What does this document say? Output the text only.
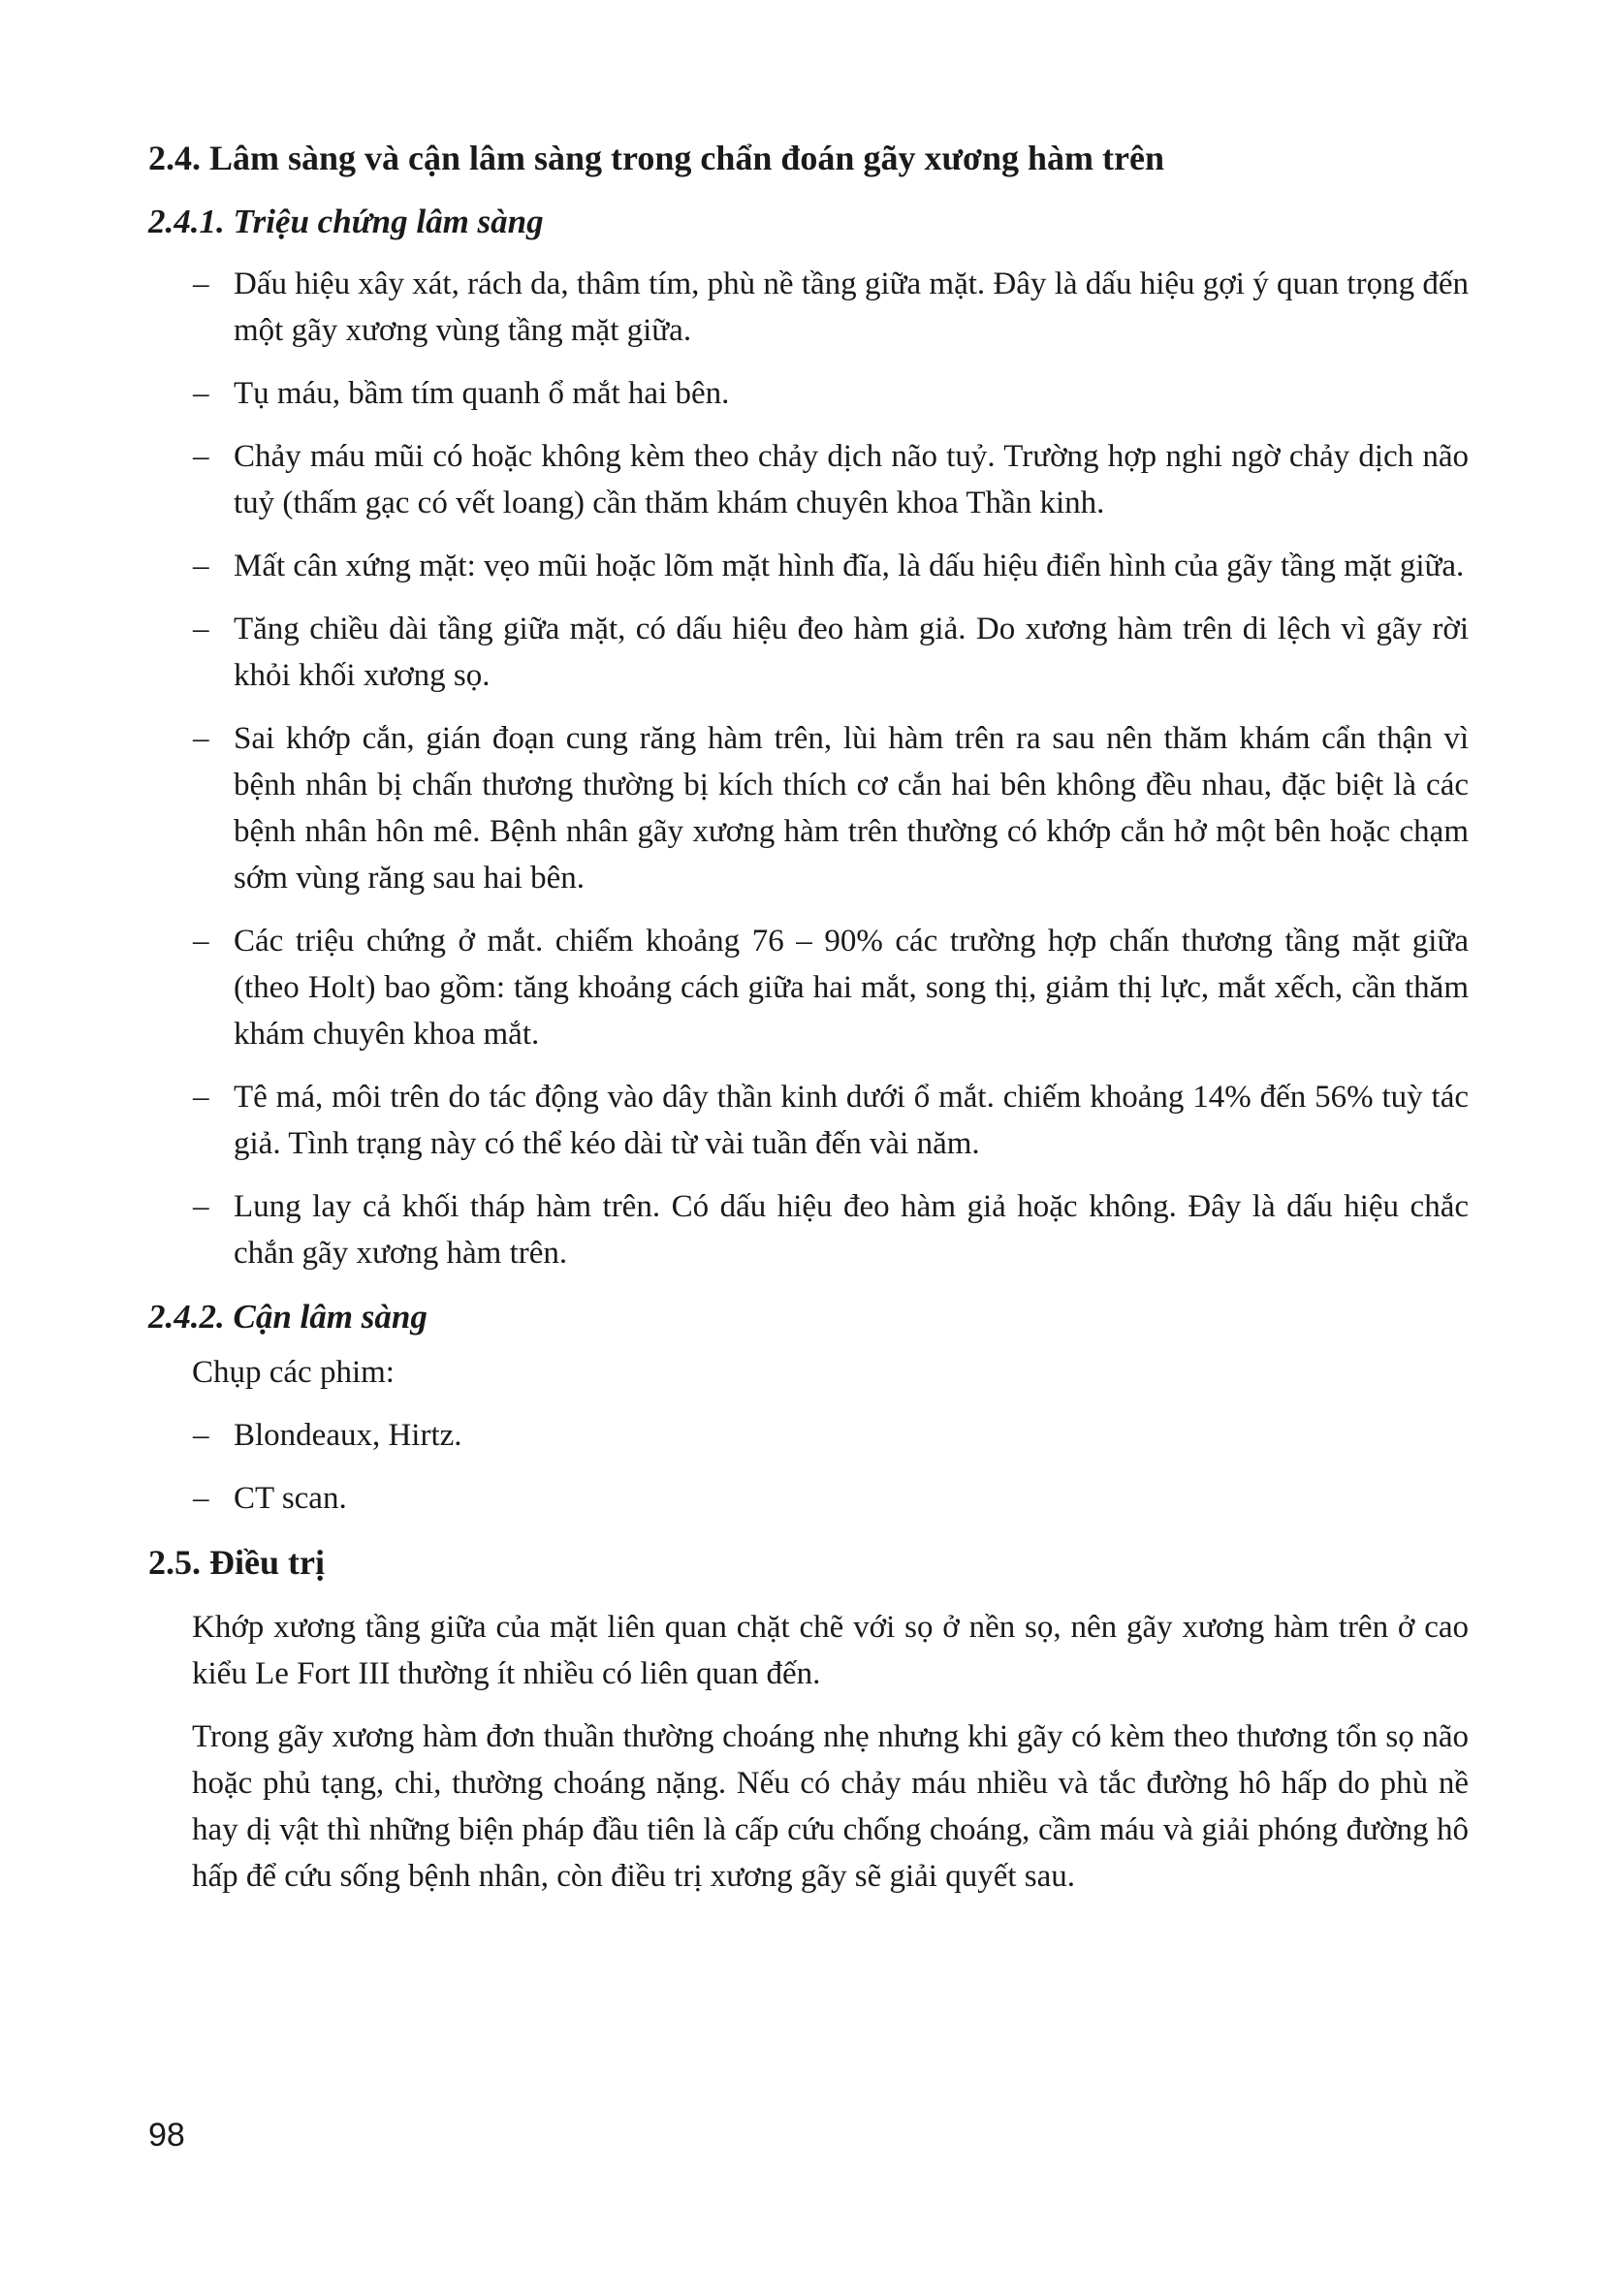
2.4. Lâm sàng và cận lâm sàng trong chẩn đoán gãy xương hàm trên
2.4.1. Triệu chứng lâm sàng
– Dấu hiệu xây xát, rách da, thâm tím, phù nề tầng giữa mặt. Đây là dấu hiệu gợi ý quan trọng đến một gãy xương vùng tầng mặt giữa.
– Tụ máu, bầm tím quanh ổ mắt hai bên.
– Chảy máu mũi có hoặc không kèm theo chảy dịch não tuỷ. Trường hợp nghi ngờ chảy dịch não tuỷ (thấm gạc có vết loang) cần thăm khám chuyên khoa Thần kinh.
– Mất cân xứng mặt: vẹo mũi hoặc lõm mặt hình đĩa, là dấu hiệu điển hình của gãy tầng mặt giữa.
– Tăng chiều dài tầng giữa mặt, có dấu hiệu đeo hàm giả. Do xương hàm trên di lệch vì gãy rời khỏi khối xương sọ.
– Sai khớp cắn, gián đoạn cung răng hàm trên, lùi hàm trên ra sau nên thăm khám cẩn thận vì bệnh nhân bị chấn thương thường bị kích thích cơ cắn hai bên không đều nhau, đặc biệt là các bệnh nhân hôn mê. Bệnh nhân gãy xương hàm trên thường có khớp cắn hở một bên hoặc chạm sớm vùng răng sau hai bên.
– Các triệu chứng ở mắt. chiếm khoảng 76 – 90% các trường hợp chấn thương tầng mặt giữa (theo Holt) bao gồm: tăng khoảng cách giữa hai mắt, song thị, giảm thị lực, mắt xếch, cần thăm khám chuyên khoa mắt.
– Tê má, môi trên do tác động vào dây thần kinh dưới ổ mắt. chiếm khoảng 14% đến 56% tuỳ tác giả. Tình trạng này có thể kéo dài từ vài tuần đến vài năm.
– Lung lay cả khối tháp hàm trên. Có dấu hiệu đeo hàm giả hoặc không. Đây là dấu hiệu chắc chắn gãy xương hàm trên.
2.4.2. Cận lâm sàng

Chụp các phim:

– Blondeaux, Hirtz.
– CT scan.
2.5. Điều trị

Khớp xương tầng giữa của mặt liên quan chặt chẽ với sọ ở nền sọ, nên gãy xương hàm trên ở cao kiểu Le Fort III thường ít nhiều có liên quan đến.

Trong gãy xương hàm đơn thuần thường choáng nhẹ nhưng khi gãy có kèm theo thương tổn sọ não hoặc phủ tạng, chi, thường choáng nặng. Nếu có chảy máu nhiều và tắc đường hô hấp do phù nề hay dị vật thì những biện pháp đầu tiên là cấp cứu chống choáng, cầm máu và giải phóng đường hô hấp để cứu sống bệnh nhân, còn điều trị xương gãy sẽ giải quyết sau.

98
